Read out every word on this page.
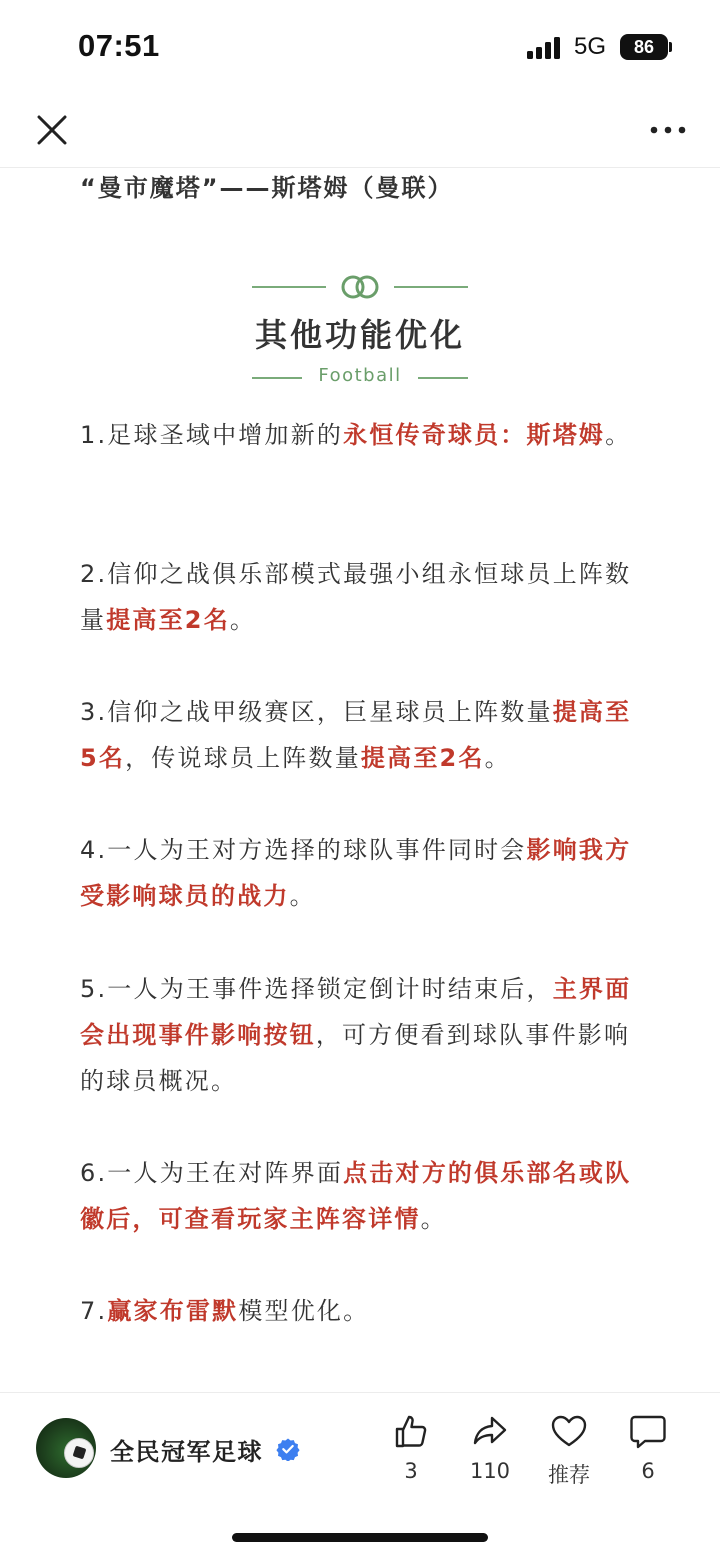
07:51	5G	86
“曼市魔塔”——斯塔姆（曼联）
其他功能优化
Football
1.足球圣域中增加新的永恒传奇球员：斯塔姆。
2.信仰之战俱乐部模式最强小组永恒球员上阵数量提高至2名。
3.信仰之战甲级赛区，巨星球员上阵数量提高至5名，传说球员上阵数量提高至2名。
4.一人为王对方选择的球队事件同时会影响我方受影响球员的战力。
5.一人为王事件选择锁定倒计时结束后，主界面会出现事件影响按钮，可方便看到球队事件影响的球员概况。
6.一人为王在对阵界面点击对方的俱乐部名或队徽后，可查看玩家主阵容详情。
7.赢家布雷默模型优化。
全民冠军足球
3	110	推荐	6
